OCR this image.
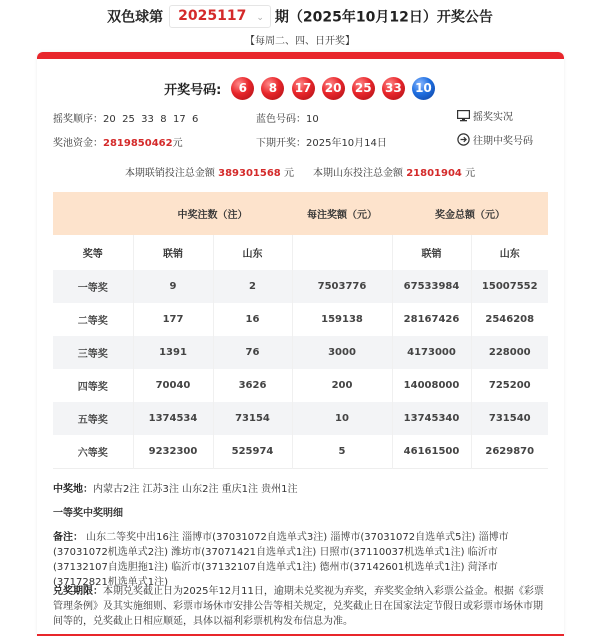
双色球第 2025117 ⌄ 期（2025年10月12日）开奖公告
【每周二、四、日开奖】
开奖号码: 6 8 17 20 25 33 10
摇奖顺序：20  25  33  8  17  6	蓝色号码：10	摇奖实况
奖池资金：2819850462元	下期开奖：2025年10月14日	往期中奖号码
本期联销投注总金额 389301568 元 本期山东投注总金额 21801904 元
	中奖注数（注）		每注奖额（元）	奖金总额（元）	
奖等	联销	山东		联销	山东
一等奖	9	2	7503776	67533984	15007552
二等奖	177	16	159138	28167426	2546208
三等奖	1391	76	3000	4173000	228000
四等奖	70040	3626	200	14008000	725200
五等奖	1374534	73154	10	13745340	731540
六等奖	9232300	525974	5	46161500	2629870
中奖地：内蒙古2注 江苏3注 山东2注 重庆1注 贵州1注
一等奖中奖明细
备注： 山东二等奖中出16注 淄博市(37031072自选单式3注) 淄博市(37031072自选单式5注) 淄博市(37031072机选单式2注) 潍坊市(37071421自选单式1注) 日照市(37110037机选单式1注) 临沂市(37132107自选胆拖1注) 临沂市(37132107自选单式1注) 德州市(37142601机选单式1注) 菏泽市(37172821机选单式1注)
兑奖期限：本期兑奖截止日为2025年12月11日，逾期未兑奖视为弃奖，弃奖奖金纳入彩票公益金。根据《彩票管理条例》及其实施细则、彩票市场休市安排公告等相关规定，兑奖截止日在国家法定节假日或彩票市场休市期间等的，兑奖截止日相应顺延，具体以福利彩票机构发布信息为准。
